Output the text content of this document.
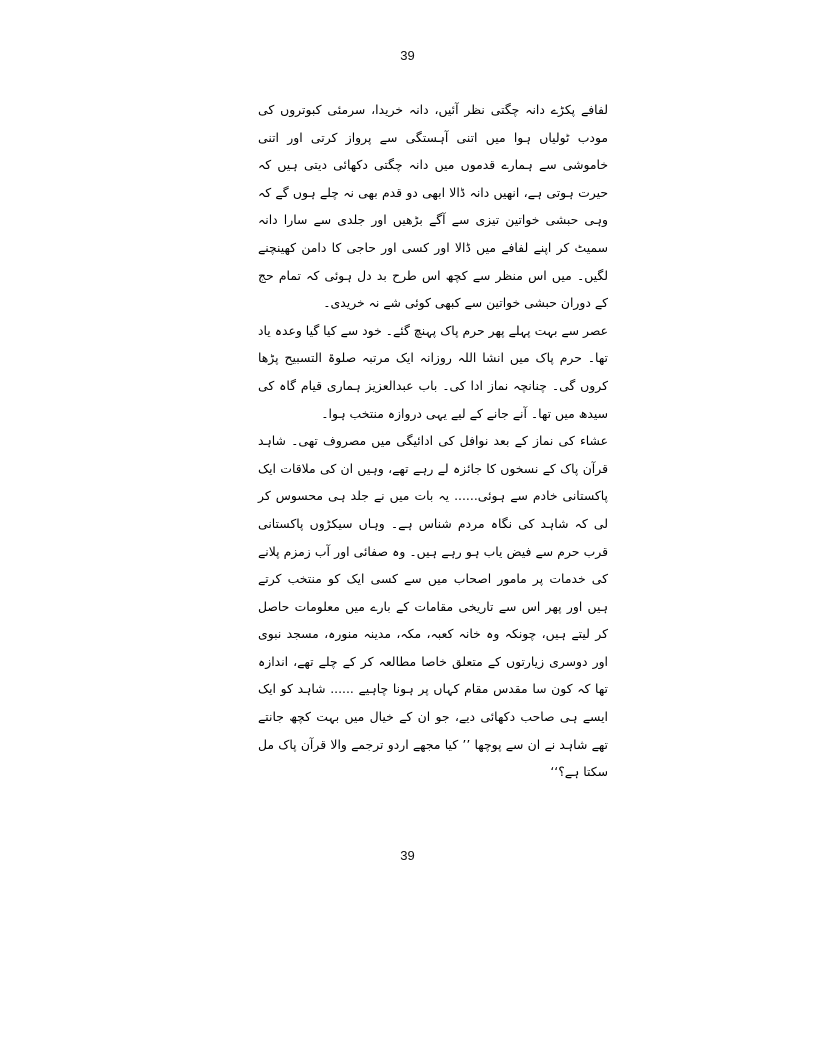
39

لفافے پکڑے دانہ چگتی نظر آئیں، دانہ خریدا، سرمئی کبوتروں کی مودب ٹولیاں ہوا میں اتنی آہستگی سے پرواز کرتی اور اتنی خاموشی سے ہمارے قدموں میں دانہ چگتی دکھائی دیتی ہیں کہ حیرت ہوتی ہے، انھیں دانہ ڈالا ابھی دو قدم بھی نہ چلے ہوں گے کہ وہی حبشی خواتین تیزی سے آگے بڑھیں اور جلدی سے سارا دانہ سمیٹ کر اپنے لفافے میں ڈالا اور کسی اور حاجی کا دامن کھینچنے لگیں۔ میں اس منظر سے کچھ اس طرح بد دل ہوئی کہ تمام حج کے دوران حبشی خواتین سے کبھی کوئی شے نہ خریدی۔

عصر سے بہت پہلے پھر حرم پاک پہنچ گئے۔ خود سے کیا گیا وعدہ یاد تھا۔ حرم پاک میں انشا اللہ روزانہ ایک مرتبہ صلوۃ التسبیح پڑھا کروں گی۔ چنانچہ نماز ادا کی۔ باب عبدالعزیز ہماری قیام گاہ کی سیدھ میں تھا۔ آنے جانے کے لیے یہی دروازہ منتخب ہوا۔

عشاء کی نماز کے بعد نوافل کی ادائیگی میں مصروف تھی۔ شاہد قرآن پاک کے نسخوں کا جائزہ لے رہے تھے، وہیں ان کی ملاقات ایک پاکستانی خادم سے ہوئی...... یہ بات میں نے جلد ہی محسوس کر لی کہ شاہد کی نگاہ مردم شناس ہے۔ وہاں سیکڑوں پاکستانی قرب حرم سے فیض یاب ہو رہے ہیں۔ وہ صفائی اور آب زمزم پلانے کی خدمات پر مامور اصحاب میں سے کسی ایک کو منتخب کرتے ہیں اور پھر اس سے تاریخی مقامات کے بارے میں معلومات حاصل کر لیتے ہیں، چونکہ وہ خانہ کعبہ، مکہ، مدینہ منورہ، مسجد نبوی اور دوسری زیارتوں کے متعلق خاصا مطالعہ کر کے چلے تھے، اندازہ تھا کہ کون سا مقدس مقام کہاں پر ہونا چاہیے ...... شاہد کو ایک ایسے ہی صاحب دکھائی دیے، جو ان کے خیال میں بہت کچھ جانتے تھے شاہد نے ان سے پوچھا ’’ کیا مجھے اردو ترجمے والا قرآن پاک مل سکتا ہے؟‘‘

39
